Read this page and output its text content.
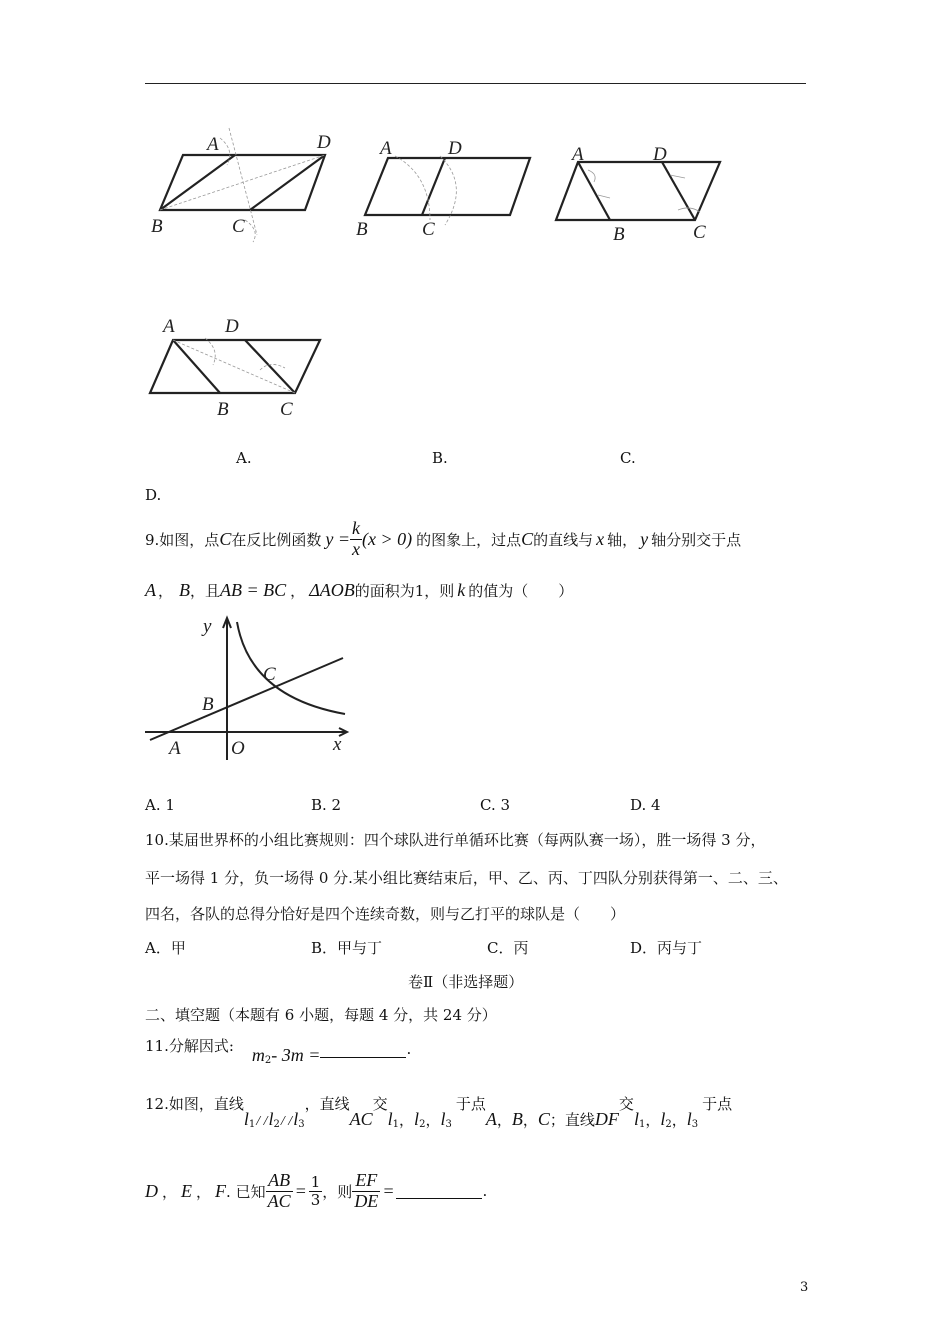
A	D
B	C
A	D
B	C
A	D
B	C
A	D
B	C
A.	B.	C.
D.
9.如图，点 C 在反比例函数 $y = \frac{k}{x} (x > 0)$ 的图象上，过点 C 的直线与 x 轴， y 轴分别交于点
A ， B ，且 AB = BC ， ΔAOB 的面积为1，则 k 的值为（　　）
y
C
B
A	O	x
A. 1	B. 2	C. 3	D. 4
10.某届世界杯的小组比赛规则：四个球队进行单循环比赛（每两队赛一场），胜一场得 3 分，
平一场得 1 分，负一场得 0 分.某小组比赛结束后，甲、乙、丙、丁四队分别获得第一、二、三、
四名，各队的总得分恰好是四个连续奇数，则与乙打平的球队是（　　）
A．甲	B．甲与丁	C．丙	D．丙与丁
卷Ⅱ（非选择题）
二、填空题（本题有 6 小题，每题 4 分，共 24 分）
11.分解因式: m 2 - 3m =	.
12.如图，直线
l 1 / / l 2 / / l 3
，直线
AC
交
l 1 ， l 2 ， l 3
于点
A ， B ， C ；直线 DF
交
l 1 ， l 2 ， l 3
于点
D ， E ， F . 已知 $\frac{AB}{AC} = \frac{1}{3}$ ，则 $\frac{EF}{DE}$ =	.
3
